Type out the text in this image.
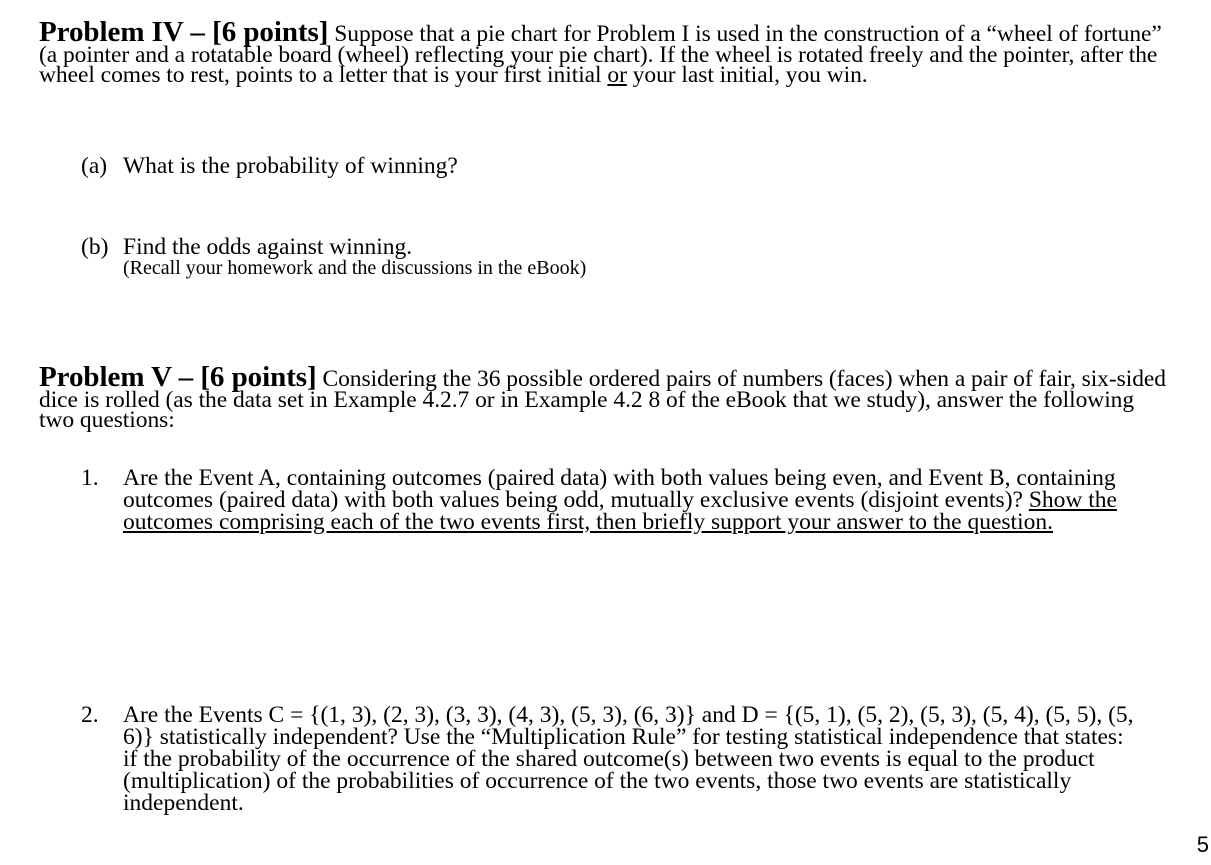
Problem IV – [6 points] Suppose that a pie chart for Problem I is used in the construction of a “wheel of fortune” (a pointer and a rotatable board (wheel) reflecting your pie chart). If the wheel is rotated freely and the pointer, after the wheel comes to rest, points to a letter that is your first initial or your last initial, you win.
(a) What is the probability of winning?
(b) Find the odds against winning.
(Recall your homework and the discussions in the eBook)
Problem V – [6 points] Considering the 36 possible ordered pairs of numbers (faces) when a pair of fair, six-sided dice is rolled (as the data set in Example 4.2.7 or in Example 4.2 8 of the eBook that we study), answer the following two questions:
1. Are the Event A, containing outcomes (paired data) with both values being even, and Event B, containing outcomes (paired data) with both values being odd, mutually exclusive events (disjoint events)? Show the outcomes comprising each of the two events first, then briefly support your answer to the question.
2. Are the Events C = {(1, 3), (2, 3), (3, 3), (4, 3), (5, 3), (6, 3)} and D = {(5, 1), (5, 2), (5, 3), (5, 4), (5, 5), (5, 6)} statistically independent? Use the “Multiplication Rule” for testing statistical independence that states: if the probability of the occurrence of the shared outcome(s) between two events is equal to the product (multiplication) of the probabilities of occurrence of the two events, those two events are statistically independent.
5
